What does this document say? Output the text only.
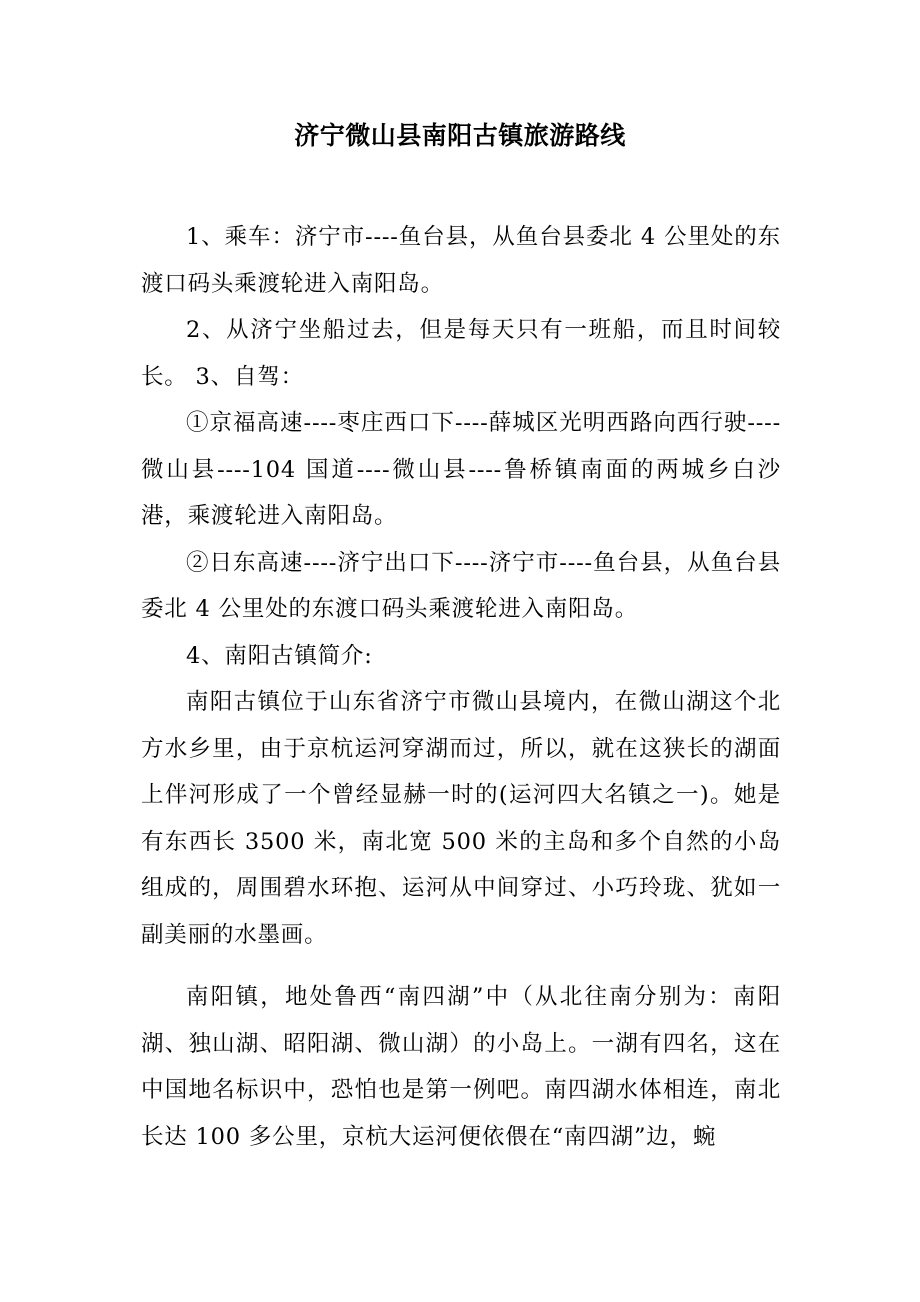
济宁微山县南阳古镇旅游路线

1、乘车：济宁市----鱼台县，从鱼台县委北 4 公里处的东渡口码头乘渡轮进入南阳岛。

2、从济宁坐船过去，但是每天只有一班船，而且时间较长。 3、自驾：

①京福高速----枣庄西口下----薛城区光明西路向西行驶----微山县----104 国道----微山县----鲁桥镇南面的两城乡白沙港，乘渡轮进入南阳岛。

②日东高速----济宁出口下----济宁市----鱼台县，从鱼台县委北 4 公里处的东渡口码头乘渡轮进入南阳岛。

4、南阳古镇简介:

南阳古镇位于山东省济宁市微山县境内，在微山湖这个北方水乡里，由于京杭运河穿湖而过，所以，就在这狭长的湖面上伴河形成了一个曾经显赫一时的(运河四大名镇之一)。她是有东西长 3500 米，南北宽 500 米的主岛和多个自然的小岛组成的，周围碧水环抱、运河从中间穿过、小巧玲珑、犹如一副美丽的水墨画。

南阳镇，地处鲁西“南四湖”中（从北往南分别为：南阳湖、独山湖、昭阳湖、微山湖）的小岛上。一湖有四名，这在中国地名标识中，恐怕也是第一例吧。南四湖水体相连，南北长达 100 多公里，京杭大运河便依偎在“南四湖”边，蜿
